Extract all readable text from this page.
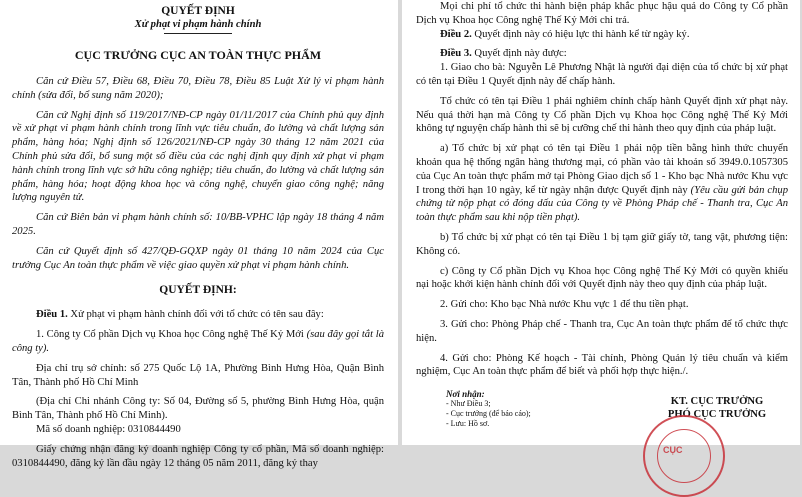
QUYẾT ĐỊNH

Xử phạt vi phạm hành chính

CỤC TRƯỞNG CỤC AN TOÀN THỰC PHẨM

Căn cứ Điều 57, Điều 68, Điều 70, Điều 78, Điều 85 Luật Xử lý vi phạm hành chính (sửa đổi, bổ sung năm 2020);

Căn cứ Nghị định số 119/2017/NĐ-CP ngày 01/11/2017 của Chính phủ quy định về xử phạt vi phạm hành chính trong lĩnh vực tiêu chuẩn, đo lường và chất lượng sản phẩm, hàng hóa; Nghị định số 126/2021/NĐ-CP ngày 30 tháng 12 năm 2021 của Chính phủ sửa đổi, bổ sung một số điều của các nghị định quy định xử phạt vi phạm hành chính trong lĩnh vực sở hữu công nghiệp; tiêu chuẩn, đo lường và chất lượng sản phẩm, hàng hóa; hoạt động khoa học và công nghệ, chuyển giao công nghệ; năng lượng nguyên tử.

Căn cứ Biên bản vi phạm hành chính số: 10/BB-VPHC lập ngày 18 tháng 4 năm 2025.

Căn cứ Quyết định số 427/QĐ-GQXP ngày 01 tháng 10 năm 2024 của Cục trưởng Cục An toàn thực phẩm về việc giao quyền xử phạt vi phạm hành chính.

QUYẾT ĐỊNH:

Điều 1. Xử phạt vi phạm hành chính đối với tổ chức có tên sau đây:

1. Công ty Cổ phần Dịch vụ Khoa học Công nghệ Thế Kỷ Mới (sau đây gọi tắt là công ty).

Địa chỉ trụ sở chính: số 275 Quốc Lộ 1A, Phường Bình Hưng Hòa, Quận Bình Tân, Thành phố Hồ Chí Minh

(Địa chỉ Chi nhánh Công ty: Số 04, Đường số 5, phường Bình Hưng Hòa, quận Bình Tân, Thành phố Hồ Chí Minh).

Mã số doanh nghiệp: 0310844490

Giấy chứng nhận đăng ký doanh nghiệp Công ty cổ phần, Mã số doanh nghiệp: 0310844490, đăng ký lần đầu ngày 12 tháng 05 năm 2011, đăng ký thay

Mọi chi phí tổ chức thi hành biện pháp khắc phục hậu quả do Công ty Cổ phần Dịch vụ Khoa học Công nghệ Thế Kỷ Mới chi trả.

Điều 2. Quyết định này có hiệu lực thi hành kể từ ngày ký.

Điều 3. Quyết định này được:

1. Giao cho bà: Nguyễn Lê Phương Nhật là người đại diện của tổ chức bị xử phạt có tên tại Điều 1 Quyết định này để chấp hành.

Tổ chức có tên tại Điều 1 phải nghiêm chỉnh chấp hành Quyết định xử phạt này. Nếu quá thời hạn mà Công ty Cổ phần Dịch vụ Khoa học Công nghệ Thế Kỷ Mới không tự nguyện chấp hành thì sẽ bị cưỡng chế thi hành theo quy định của pháp luật.

a) Tổ chức bị xử phạt có tên tại Điều 1 phải nộp tiền bằng hình thức chuyển khoản qua hệ thống ngân hàng thương mại, có phần vào tài khoản số 3949.0.1057305 của Cục An toàn thực phẩm mở tại Phòng Giao dịch số 1 - Kho bạc Nhà nước Khu vực I trong thời hạn 10 ngày, kể từ ngày nhận được Quyết định này (Yêu cầu gửi bản chụp chứng từ nộp phạt có đóng dấu của Công ty về Phòng Pháp chế - Thanh tra, Cục An toàn thực phẩm sau khi nộp tiền phạt).

b) Tổ chức bị xử phạt có tên tại Điều 1 bị tạm giữ giấy tờ, tang vật, phương tiện: Không có.

c) Công ty Cổ phần Dịch vụ Khoa học Công nghệ Thế Kỷ Mới có quyền khiếu nại hoặc khởi kiện hành chính đối với Quyết định này theo quy định của pháp luật.

2. Gửi cho: Kho bạc Nhà nước Khu vực 1 để thu tiền phạt.

3. Gửi cho: Phòng Pháp chế - Thanh tra, Cục An toàn thực phẩm để tổ chức thực hiện.

4. Gửi cho: Phòng Kế hoạch - Tài chính, Phòng Quản lý tiêu chuẩn và kiểm nghiệm, Cục An toàn thực phẩm để biết và phối hợp thực hiện./.

Nơi nhận:
- Như Điều 3;
- Cục trưởng (để báo cáo);
- Lưu: Hồ sơ.

KT. CỤC TRƯỞNG

PHÓ CỤC TRƯỞNG

CỤC
